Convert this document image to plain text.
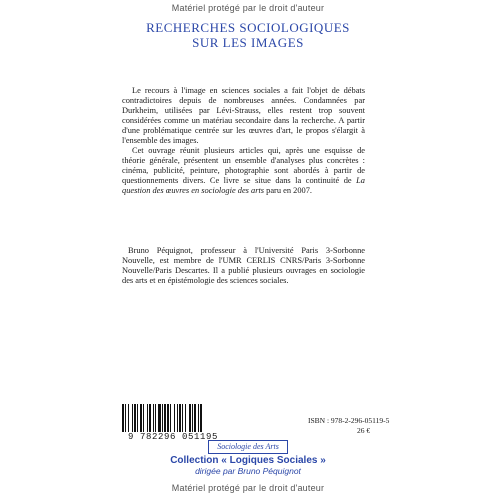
Matériel protégé par le droit d'auteur
RECHERCHES SOCIOLOGIQUES
SUR LES IMAGES

Le recours à l'image en sciences sociales a fait l'objet de débats contradictoires depuis de nombreuses années. Condamnées par Durkheim, utilisées par Lévi-Strauss, elles restent trop souvent considérées comme un matériau secondaire dans la recherche. A partir d'une problématique centrée sur les œuvres d'art, le propos s'élargit à l'ensemble des images.

Cet ouvrage réunit plusieurs articles qui, après une esquisse de théorie générale, présentent un ensemble d'analyses plus concrètes : cinéma, publicité, peinture, photographie sont abordés à partir de questionnements divers. Ce livre se situe dans la continuité de La question des œuvres en sociologie des arts paru en 2007.

Bruno Péquignot, professeur à l'Université Paris 3-Sorbonne Nouvelle, est membre de l'UMR CERLIS CNRS/Paris 3-Sorbonne Nouvelle/Paris Descartes. Il a publié plusieurs ouvrages en sociologie des arts et en épistémologie des sciences sociales.

9 782296 051195
ISBN : 978-2-296-05119-5
26 €
Sociologie des Arts
Collection « Logiques Sociales »
dirigée par Bruno Péquignot
Matériel protégé par le droit d'auteur
